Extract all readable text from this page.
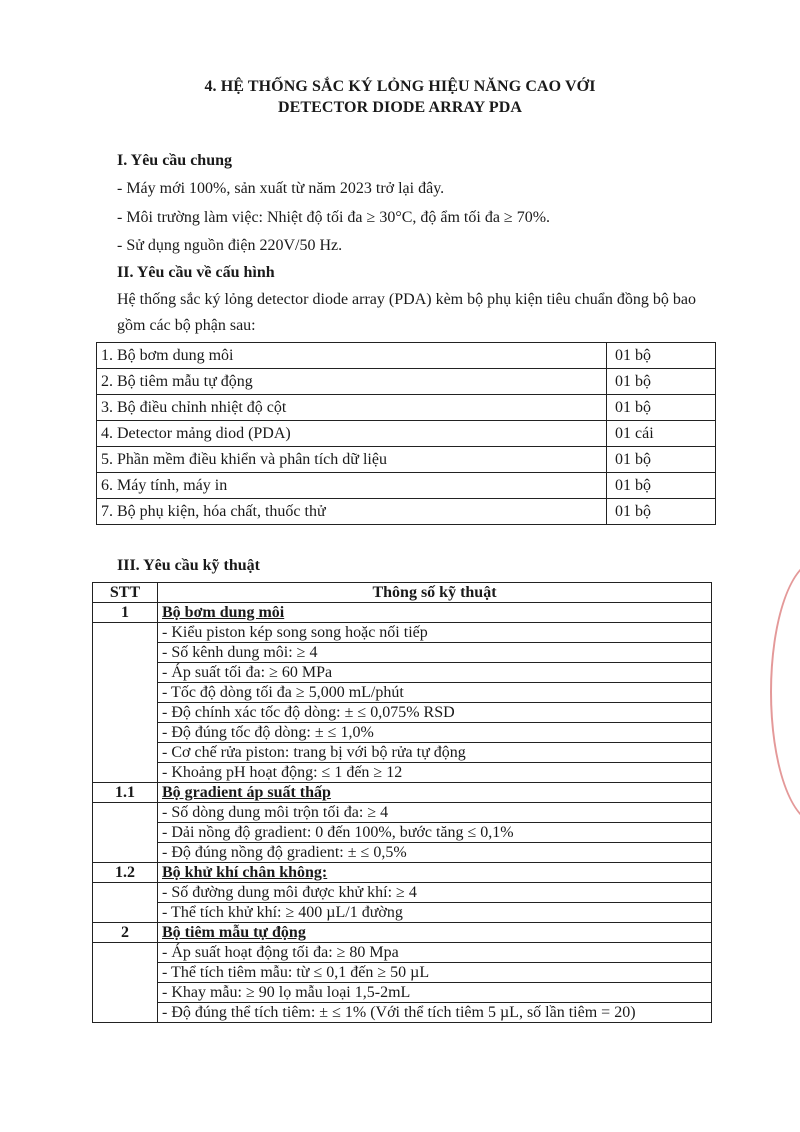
4. HỆ THỐNG SẮC KÝ LỎNG HIỆU NĂNG CAO VỚI
DETECTOR DIODE ARRAY PDA
I. Yêu cầu chung
- Máy mới 100%, sản xuất từ năm 2023 trở lại đây.
- Môi trường làm việc: Nhiệt độ tối đa ≥ 30°C, độ ẩm tối đa ≥ 70%.
- Sử dụng nguồn điện 220V/50 Hz.
II. Yêu cầu về cấu hình
Hệ thống sắc ký lỏng detector diode array (PDA) kèm bộ phụ kiện tiêu chuẩn đồng bộ bao
gồm các bộ phận sau:
1. Bộ bơm dung môi	01 bộ
2. Bộ tiêm mẫu tự động	01 bộ
3. Bộ điều chỉnh nhiệt độ cột	01 bộ
4. Detector mảng diod (PDA)	01 cái
5. Phần mềm điều khiển và phân tích dữ liệu	01 bộ
6. Máy tính, máy in	01 bộ
7. Bộ phụ kiện, hóa chất, thuốc thử	01 bộ
III. Yêu cầu kỹ thuật
STT	Thông số kỹ thuật
1	Bộ bơm dung môi
	- Kiểu piston kép song song hoặc nối tiếp
	- Số kênh dung môi: ≥ 4
	- Áp suất tối đa: ≥ 60 MPa
	- Tốc độ dòng tối đa ≥ 5,000 mL/phút
	- Độ chính xác tốc độ dòng: ± ≤ 0,075% RSD
	- Độ đúng tốc độ dòng: ± ≤ 1,0%
	- Cơ chế rửa piston: trang bị với bộ rửa tự động
	- Khoảng pH hoạt động: ≤ 1 đến ≥ 12
1.1	Bộ gradient áp suất thấp
	- Số dòng dung môi trộn tối đa: ≥ 4
	- Dải nồng độ gradient: 0 đến 100%, bước tăng ≤ 0,1%
	- Độ đúng nồng độ gradient: ± ≤ 0,5%
1.2	Bộ khử khí chân không:
	- Số đường dung môi được khử khí: ≥ 4
	- Thể tích khử khí: ≥ 400 µL/1 đường
2	Bộ tiêm mẫu tự động
	- Áp suất hoạt động tối đa: ≥ 80 Mpa
	- Thể tích tiêm mẫu: từ ≤ 0,1 đến ≥ 50 µL
	- Khay mẫu: ≥ 90 lọ mẫu loại 1,5-2mL
	- Độ đúng thể tích tiêm: ± ≤ 1% (Với thể tích tiêm 5 µL, số lần tiêm = 20)
